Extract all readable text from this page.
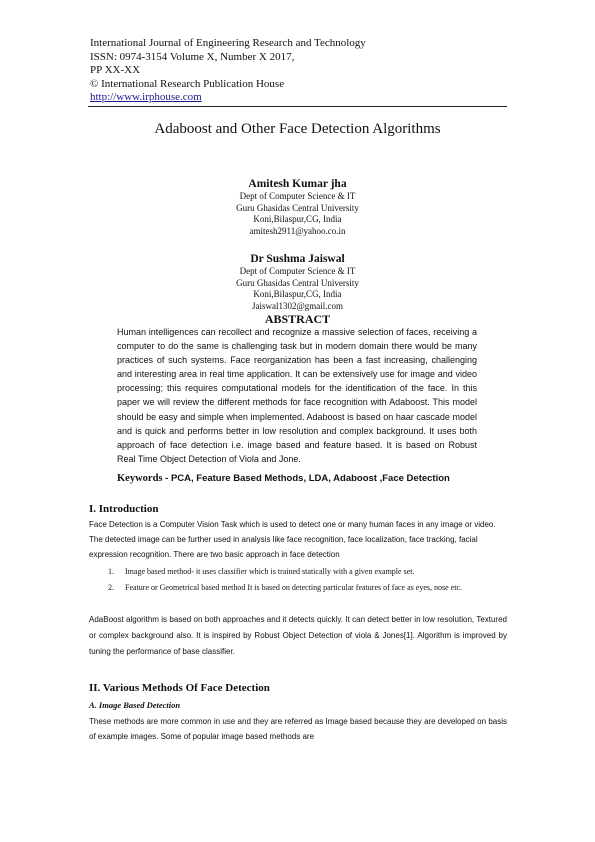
International Journal of Engineering Research and Technology
ISSN: 0974-3154 Volume X, Number X 2017,
PP XX-XX
© International Research Publication House
http://www.irphouse.com
Adaboost and Other Face Detection Algorithms
Amitesh Kumar jha
Dept of Computer Science & IT
Guru Ghasidas Central University
Koni,Bilaspur,CG, India
amitesh2911@yahoo.co.in
Dr Sushma Jaiswal
Dept of Computer Science & IT
Guru Ghasidas Central University
Koni,Bilaspur,CG, India
Jaiswal1302@gmail.com
ABSTRACT
Human intelligences can recollect and recognize a massive selection of faces, receiving a computer to do the same is challenging task but in modern domain there would be many practices of such systems. Face reorganization has been a fast increasing, challenging and interesting area in real time application. It can be extensively use for image and video processing; this requires computational models for the identification of the face. In this paper we will review the different methods for face recognition with Adaboost. This model should be easy and simple when implemented. Adaboost is based on haar cascade model and is quick and performs better in low resolution and complex background. It uses both approach of face detection i.e. image based and feature based. It is based on Robust Real Time Object Detection of Viola and Jone.
Keywords - PCA, Feature Based Methods, LDA, Adaboost ,Face Detection
I. Introduction
Face Detection is a Computer Vision Task which is used to detect one or many human faces in any image or video. The detected image can be further used in analysis like face recognition, face localization, face tracking, facial expression recognition. There are two basic approach in face detection
1. Image based method- it uses classifier which is trained statically with a given example set.
2. Feature or Geometrical based method It is based on detecting particular features of face as eyes, nose etc.
AdaBoost algorithm is based on both approaches and it detects quickly. It can detect better in low resolution, Textured or complex background also. It is inspired by Robust Object Detection of viola & Jones[1]. Algorithm is improved by tuning the performance of base classifier.
II. Various Methods Of Face Detection
A. Image Based Detection
These methods are more common in use and they are referred as Image based because they are developed on basis of example images. Some of popular image based methods are
